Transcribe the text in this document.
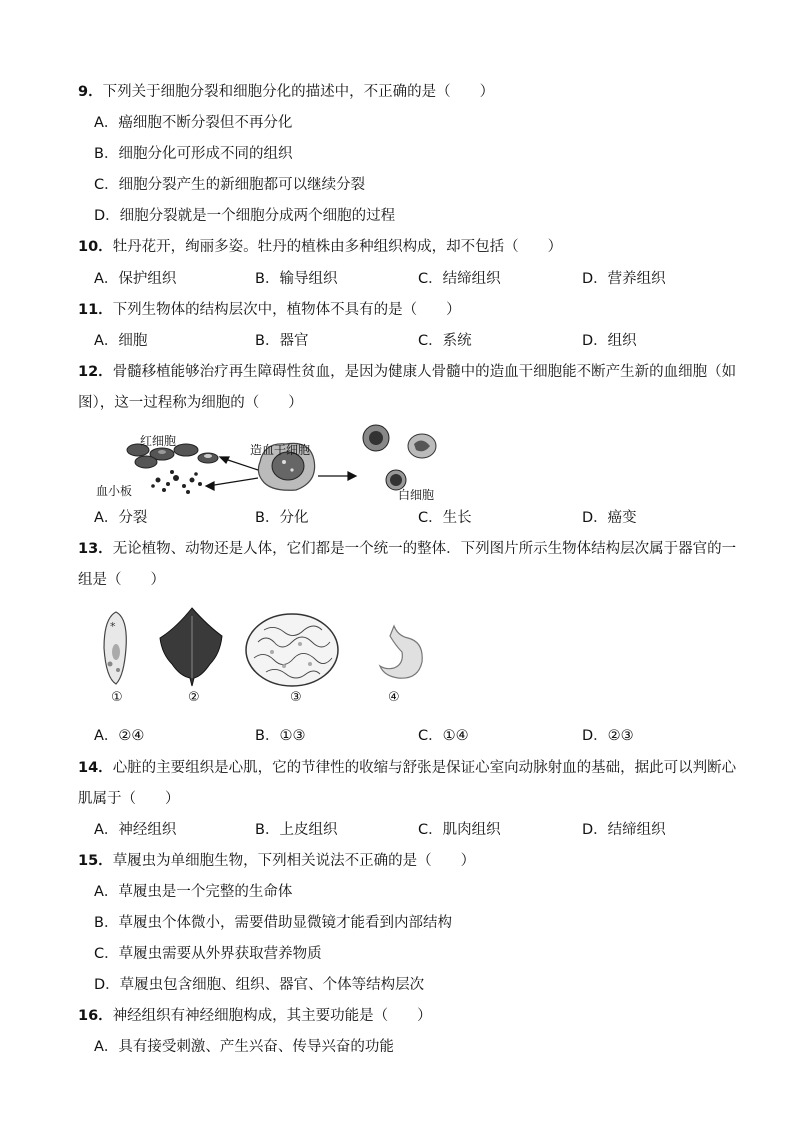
9．下列关于细胞分裂和细胞分化的描述中，不正确的是（　　）
A．癌细胞不断分裂但不再分化
B．细胞分化可形成不同的组织
C．细胞分裂产生的新细胞都可以继续分裂
D．细胞分裂就是一个细胞分成两个细胞的过程
10．牡丹花开，绚丽多姿。牡丹的植株由多种组织构成，却不包括（　　）
A．保护组织	B．输导组织	C．结缔组织	D．营养组织
11．下列生物体的结构层次中，植物体不具有的是（　　）
A．细胞	B．器官	C．系统	D．组织
12．骨髓移植能够治疗再生障碍性贫血，是因为健康人骨髓中的造血干细胞能不断产生新的血细胞（如
图），这一过程称为细胞的（　　）
红细胞
造血干细胞
血小板	白细胞
A．分裂	B．分化	C．生长	D．癌变
13．无论植物、动物还是人体，它们都是一个统一的整体．下列图片所示生物体结构层次属于器官的一
组是（　　）
*
①	②	③	④
A．②④	B．①③	C．①④	D．②③
14．心脏的主要组织是心肌，它的节律性的收缩与舒张是保证心室向动脉射血的基础，据此可以判断心
肌属于（　　）
A．神经组织	B．上皮组织	C．肌肉组织	D．结缔组织
15．草履虫为单细胞生物，下列相关说法不正确的是（　　）
A．草履虫是一个完整的生命体
B．草履虫个体微小，需要借助显微镜才能看到内部结构
C．草履虫需要从外界获取营养物质
D．草履虫包含细胞、组织、器官、个体等结构层次
16．神经组织有神经细胞构成，其主要功能是（　　）
A．具有接受刺激、产生兴奋、传导兴奋的功能
